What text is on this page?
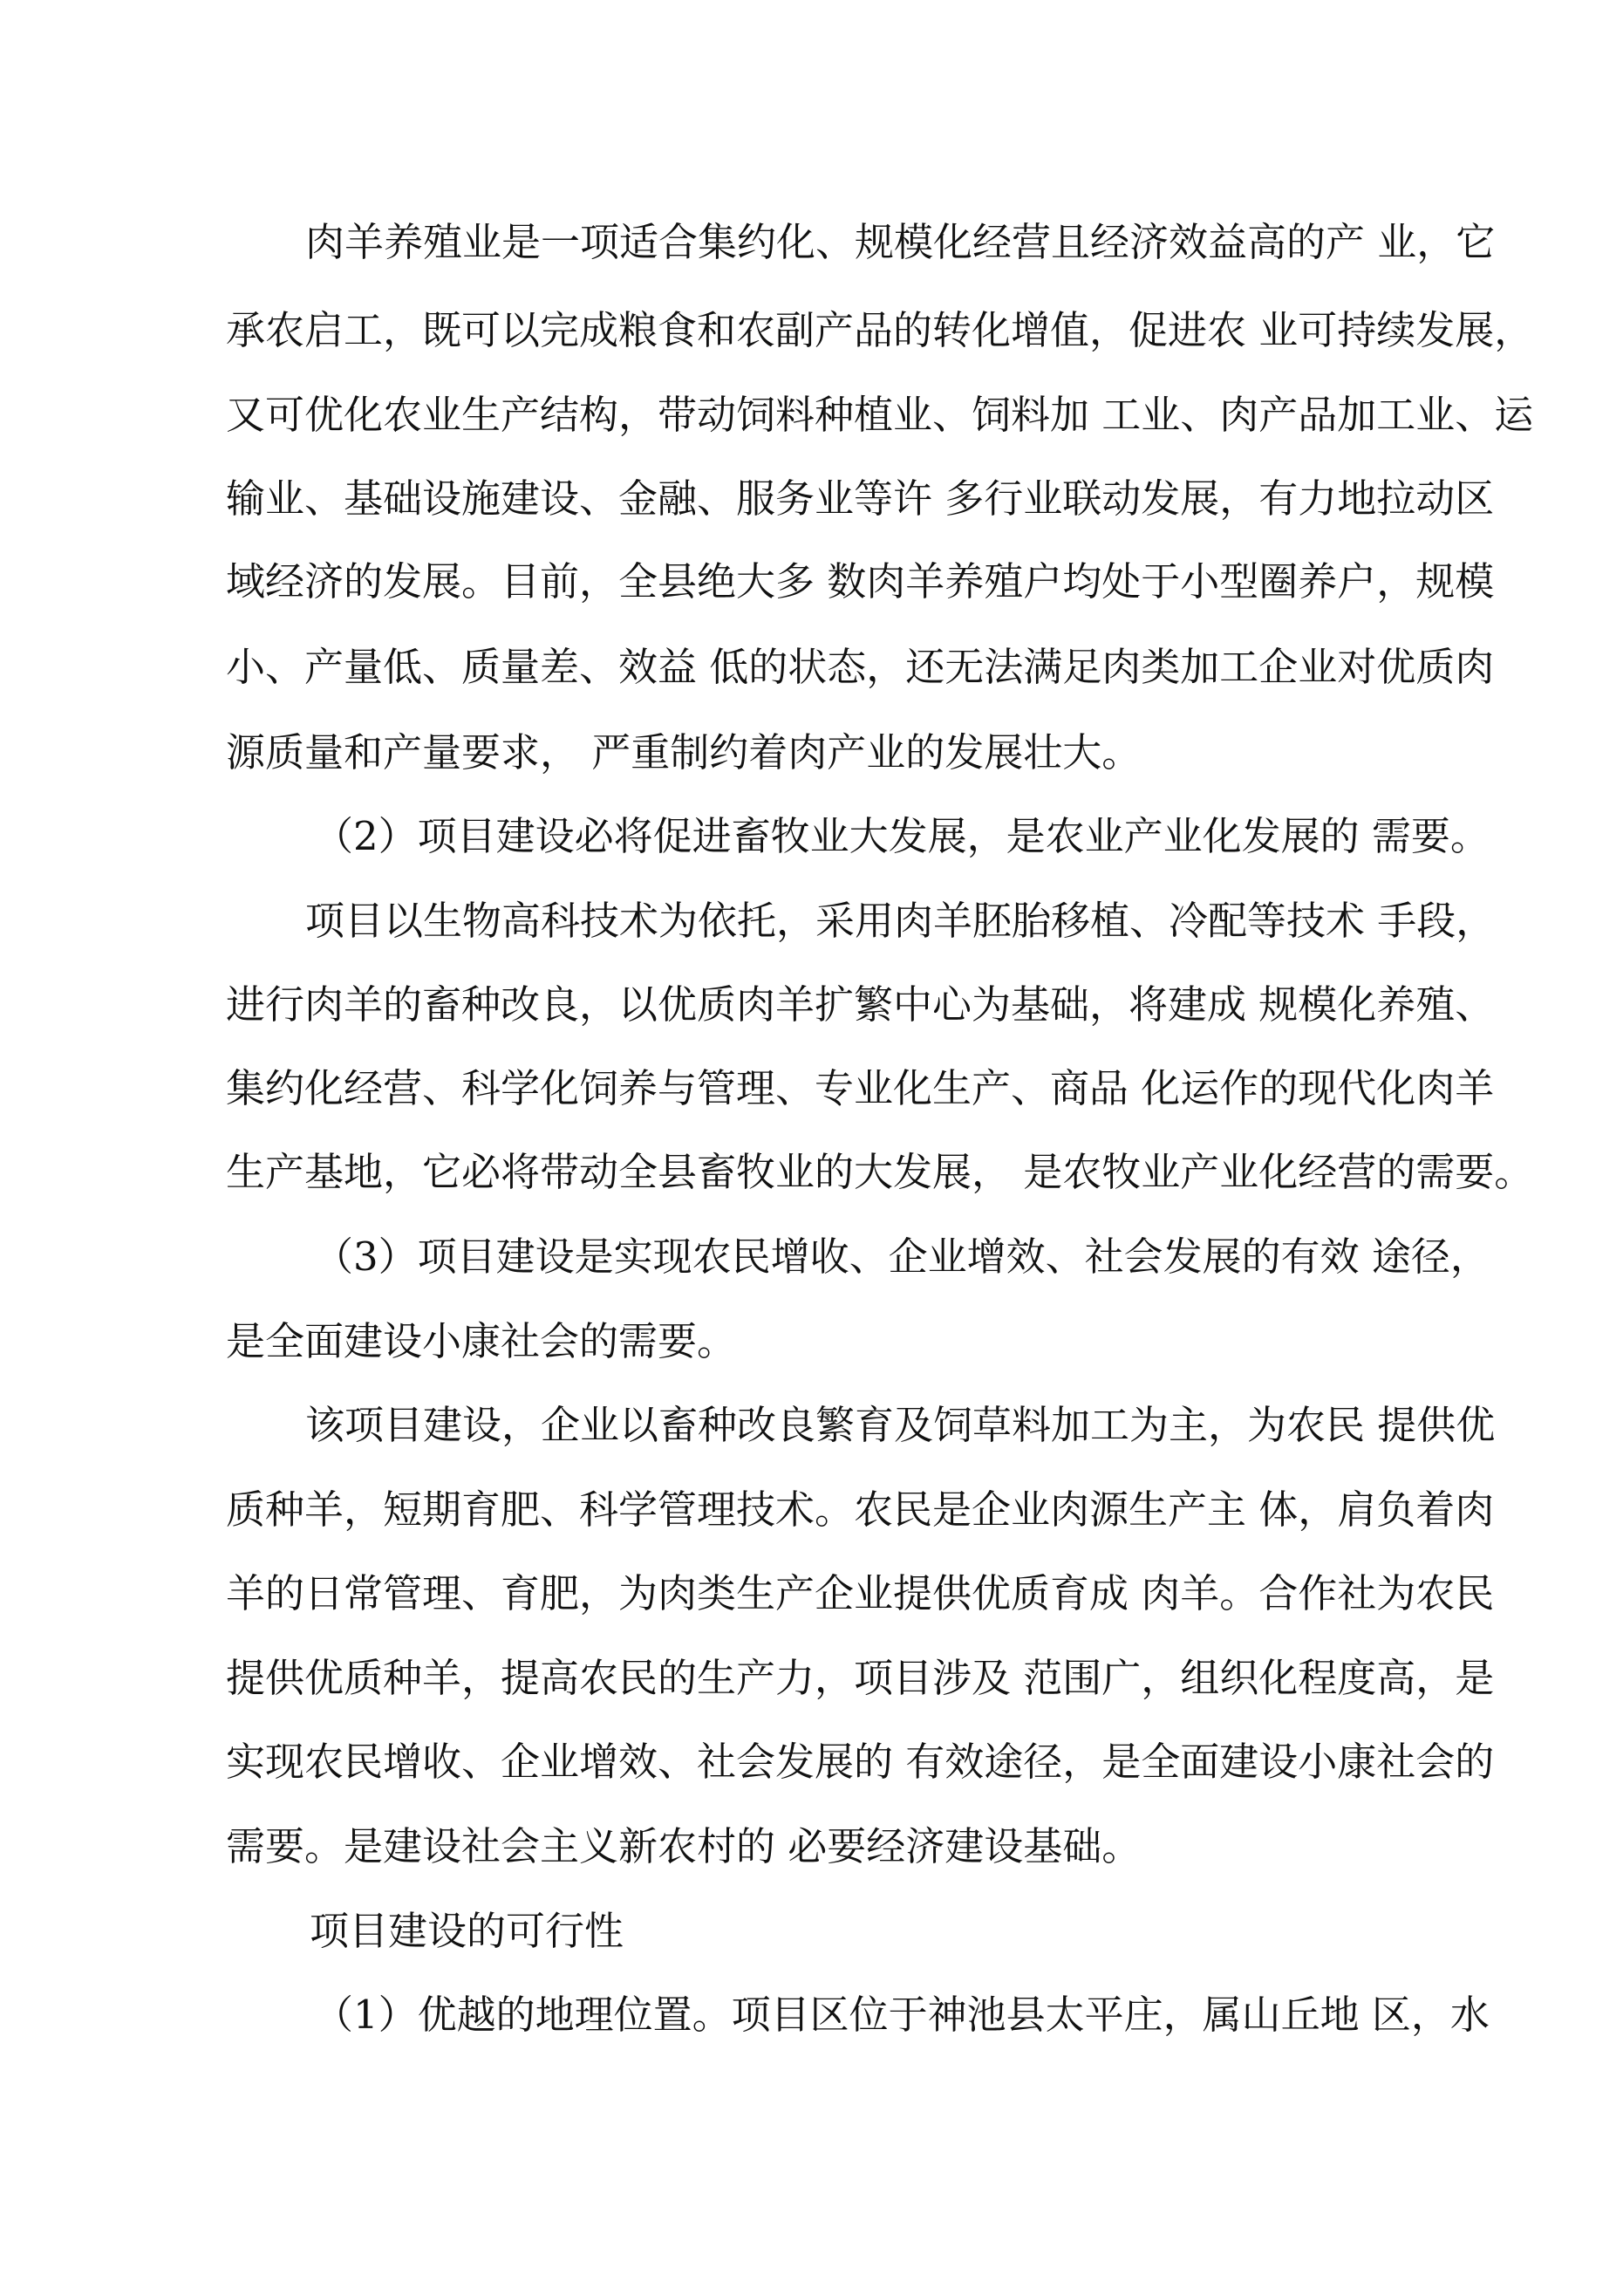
肉羊养殖业是一项适合集约化、规模化经营且经济效益高的产 业，它
承农启工，既可以完成粮食和农副产品的转化增值，促进农 业可持续发展，
又可优化农业生产结构，带动饲料种植业、饲料加 工业、肉产品加工业、运
输业、基础设施建设、金融、服务业等许 多行业联动发展，有力地拉动区
域经济的发展。目前，全县绝大多 数肉羊养殖户均处于小型圈养户，规模
小、产量低、质量差、效益 低的状态，还无法满足肉类加工企业对优质肉
源质量和产量要求， 严重制约着肉产业的发展壮大。
（2）项目建设必将促进畜牧业大发展，是农业产业化发展的 需要。
项目以生物高科技术为依托，采用肉羊胚胎移植、冷配等技术 手段，
进行肉羊的畜种改良，以优质肉羊扩繁中心为基础，将建成 规模化养殖、
集约化经营、科学化饲养与管理、专业化生产、商品 化运作的现代化肉羊
生产基地，它必将带动全县畜牧业的大发展， 是农牧业产业化经营的需要。
（3）项目建设是实现农民增收、企业增效、社会发展的有效 途径，
是全面建设小康社会的需要。
该项目建设，企业以畜种改良繁育及饲草料加工为主，为农民 提供优
质种羊，短期育肥、科学管理技术。农民是企业肉源生产主 体，肩负着肉
羊的日常管理、育肥，为肉类生产企业提供优质育成 肉羊。合作社为农民
提供优质种羊，提高农民的生产力，项目涉及 范围广，组织化程度高，是
实现农民增收、企业增效、社会发展的 有效途径，是全面建设小康社会的
需要。是建设社会主义新农村的 必要经济建设基础。
项目建设的可行性
（1）优越的地理位置。项目区位于神池县太平庄，属山丘地 区，水
